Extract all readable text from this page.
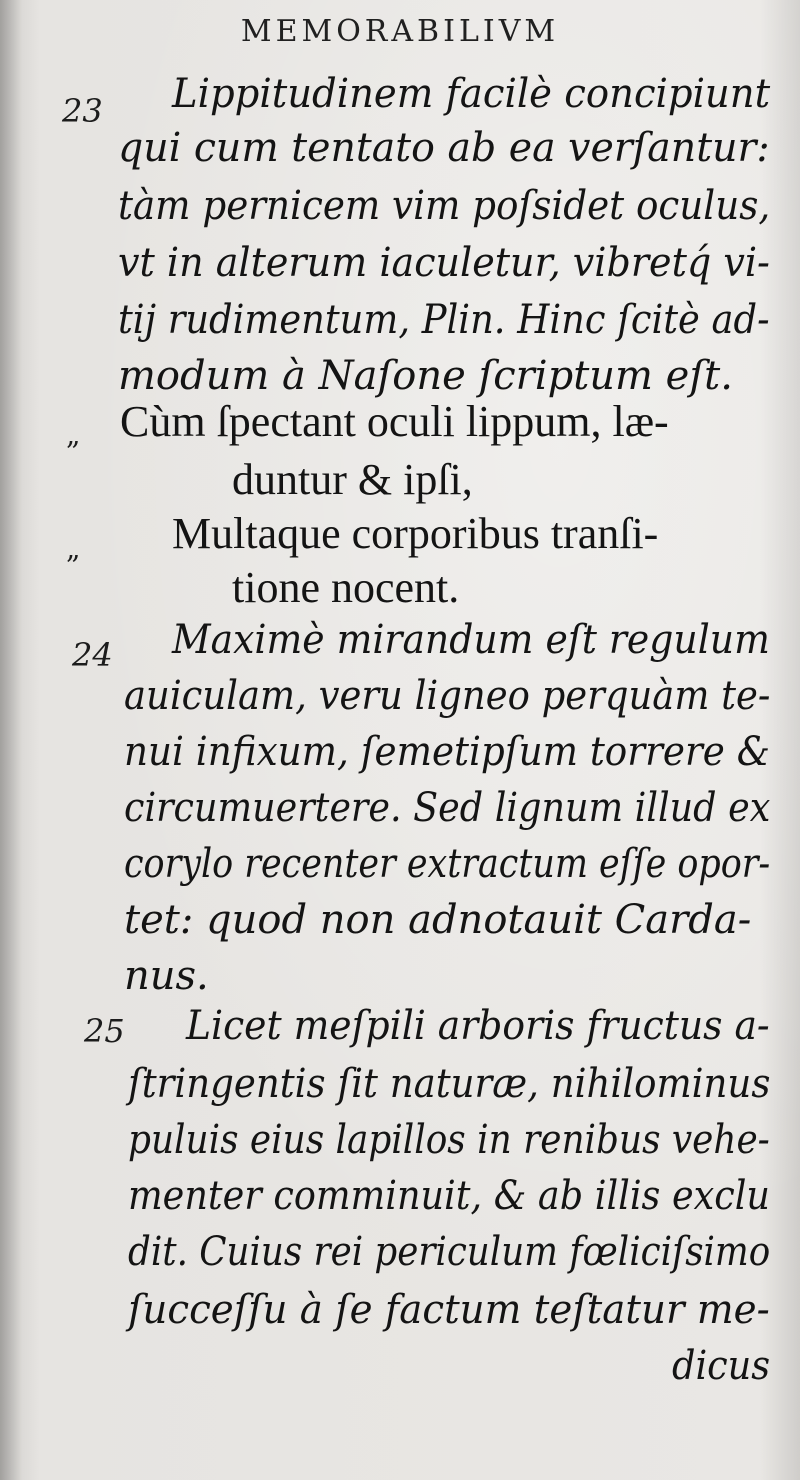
MEMORABILIVM
23 Lippitudinem facilè concipiunt
qui cum tentato ab ea verſantur:
tàm pernicem vim poſsidet oculus,
vt in alterum iaculetur, vibretq́ vi-
tij rudimentum, Plin. Hinc ſcitè ad-
modum à Naſone ſcriptum eſt.
„ Cùm ſpectant oculi lippum, læ-
duntur & ipſi,
„ Multaque corporibus tranſi-
tione nocent.
24 Maximè mirandum eſt regulum
auiculam, veru ligneo perquàm te-
nui infixum, ſemetipſum torrere &
circumuertere. Sed lignum illud ex
corylo recenter extractum eſſe opor-
tet: quod non adnotauit Carda-
nus.
25 Licet meſpili arboris fructus a-
ſtringentis ſit naturæ, nihilominus
puluis eius lapillos in renibus vehe-
menter comminuit, & ab illis exclu
dit. Cuius rei periculum fœliciſsimo
ſucceſſu à ſe factum teſtatur me-
dicus
